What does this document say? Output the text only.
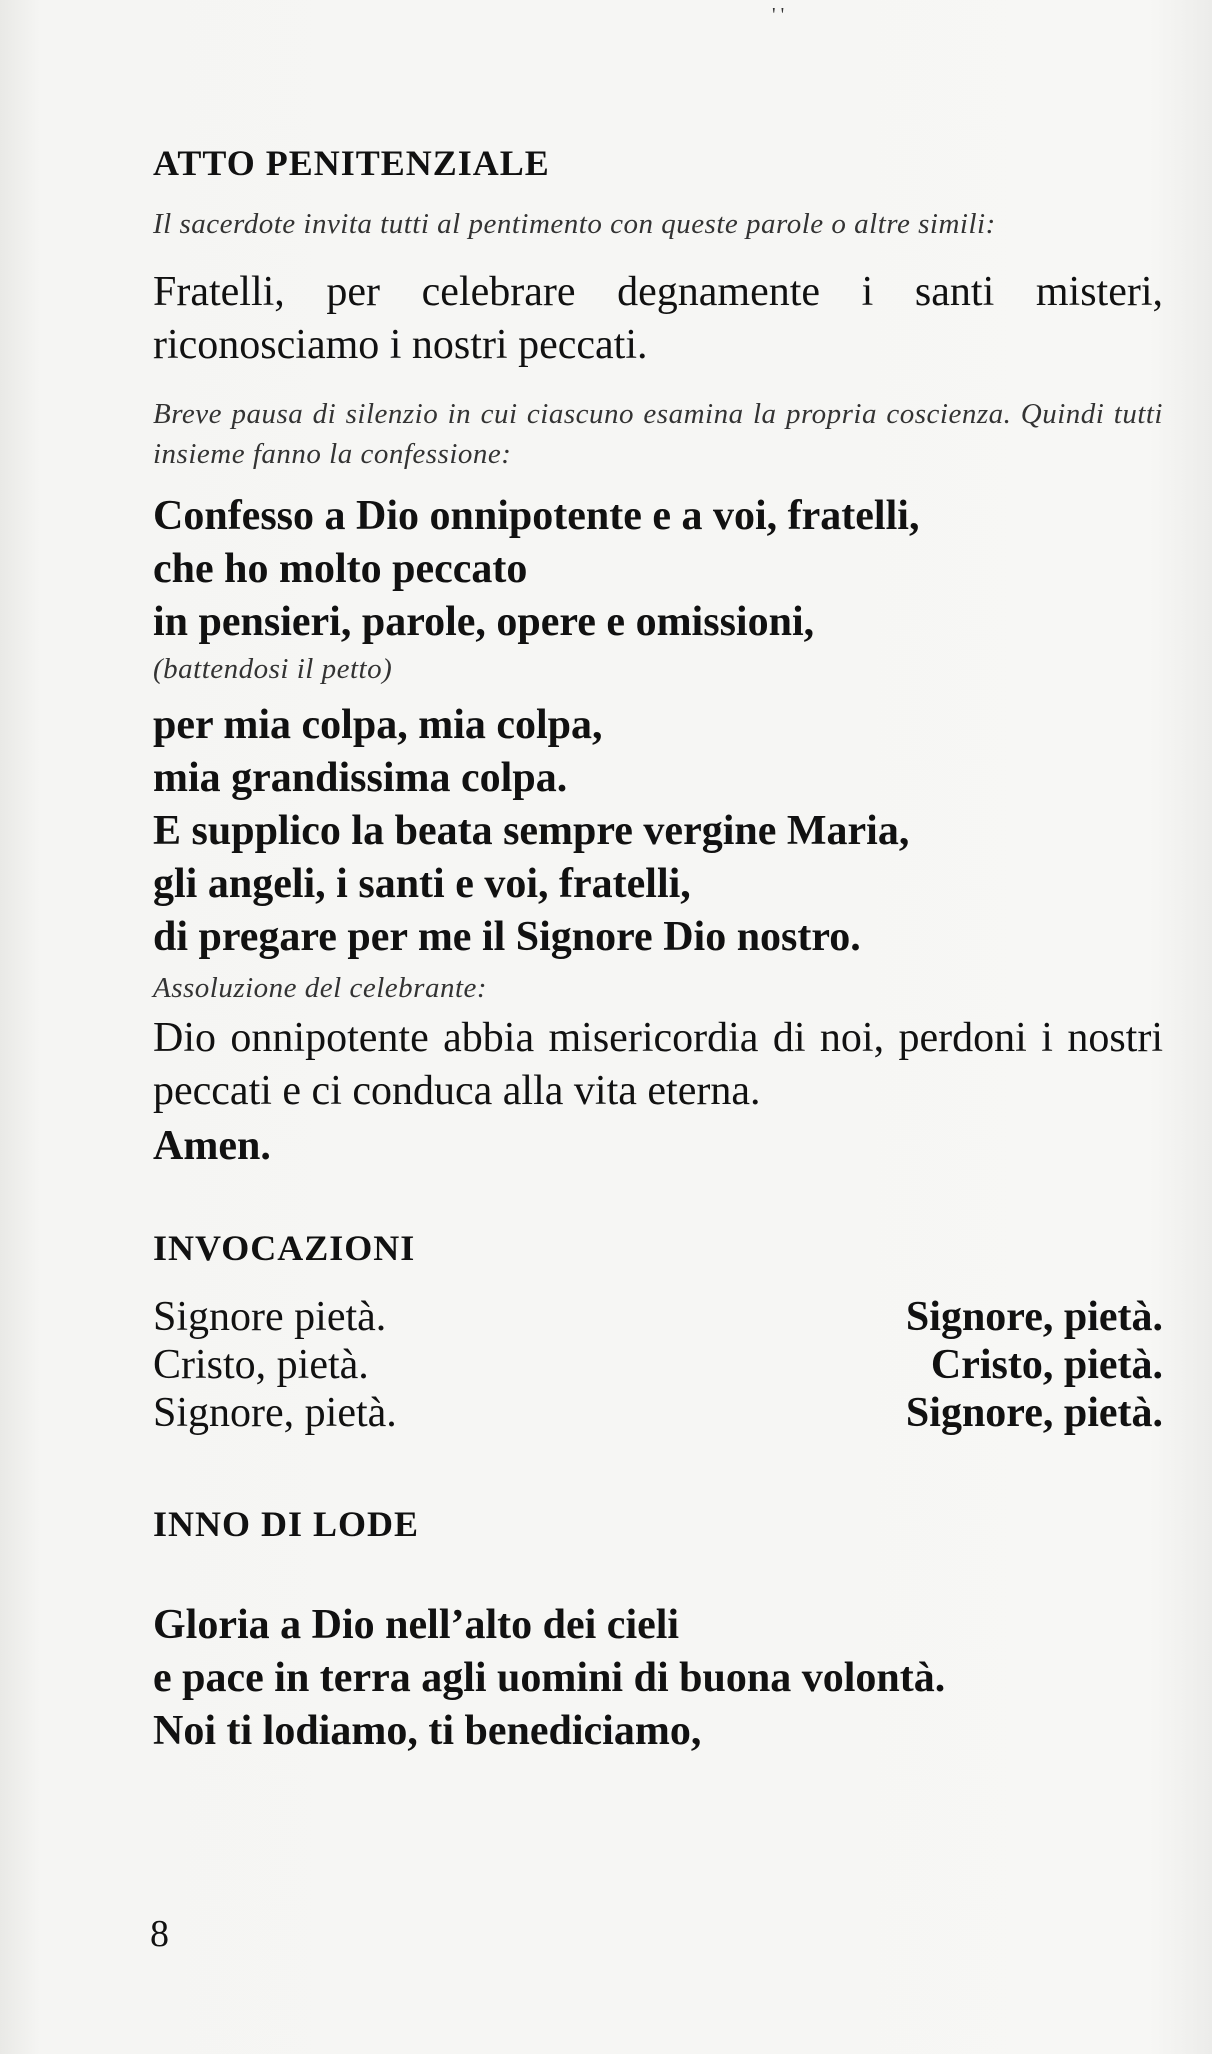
' '
ATTO PENITENZIALE
Il sacerdote invita tutti al pentimento con queste parole o altre simili:
Fratelli, per celebrare degnamente i santi misteri, riconosciamo i nostri peccati.
Breve pausa di silenzio in cui ciascuno esamina la propria coscienza. Quindi tutti insieme fanno la confessione:
Confesso a Dio onnipotente e a voi, fratelli,
che ho molto peccato
in pensieri, parole, opere e omissioni,
(battendosi il petto)
per mia colpa, mia colpa,
mia grandissima colpa.
E supplico la beata sempre vergine Maria,
gli angeli, i santi e voi, fratelli,
di pregare per me il Signore Dio nostro.
Assoluzione del celebrante:
Dio onnipotente abbia misericordia di noi, perdoni i nostri peccati e ci conduca alla vita eterna.
Amen.
INVOCAZIONI
Signore pietà.	Signore, pietà.
Cristo, pietà.	Cristo, pietà.
Signore, pietà.	Signore, pietà.
INNO DI LODE
Gloria a Dio nell’alto dei cieli
e pace in terra agli uomini di buona volontà.
Noi ti lodiamo, ti benediciamo,
8
